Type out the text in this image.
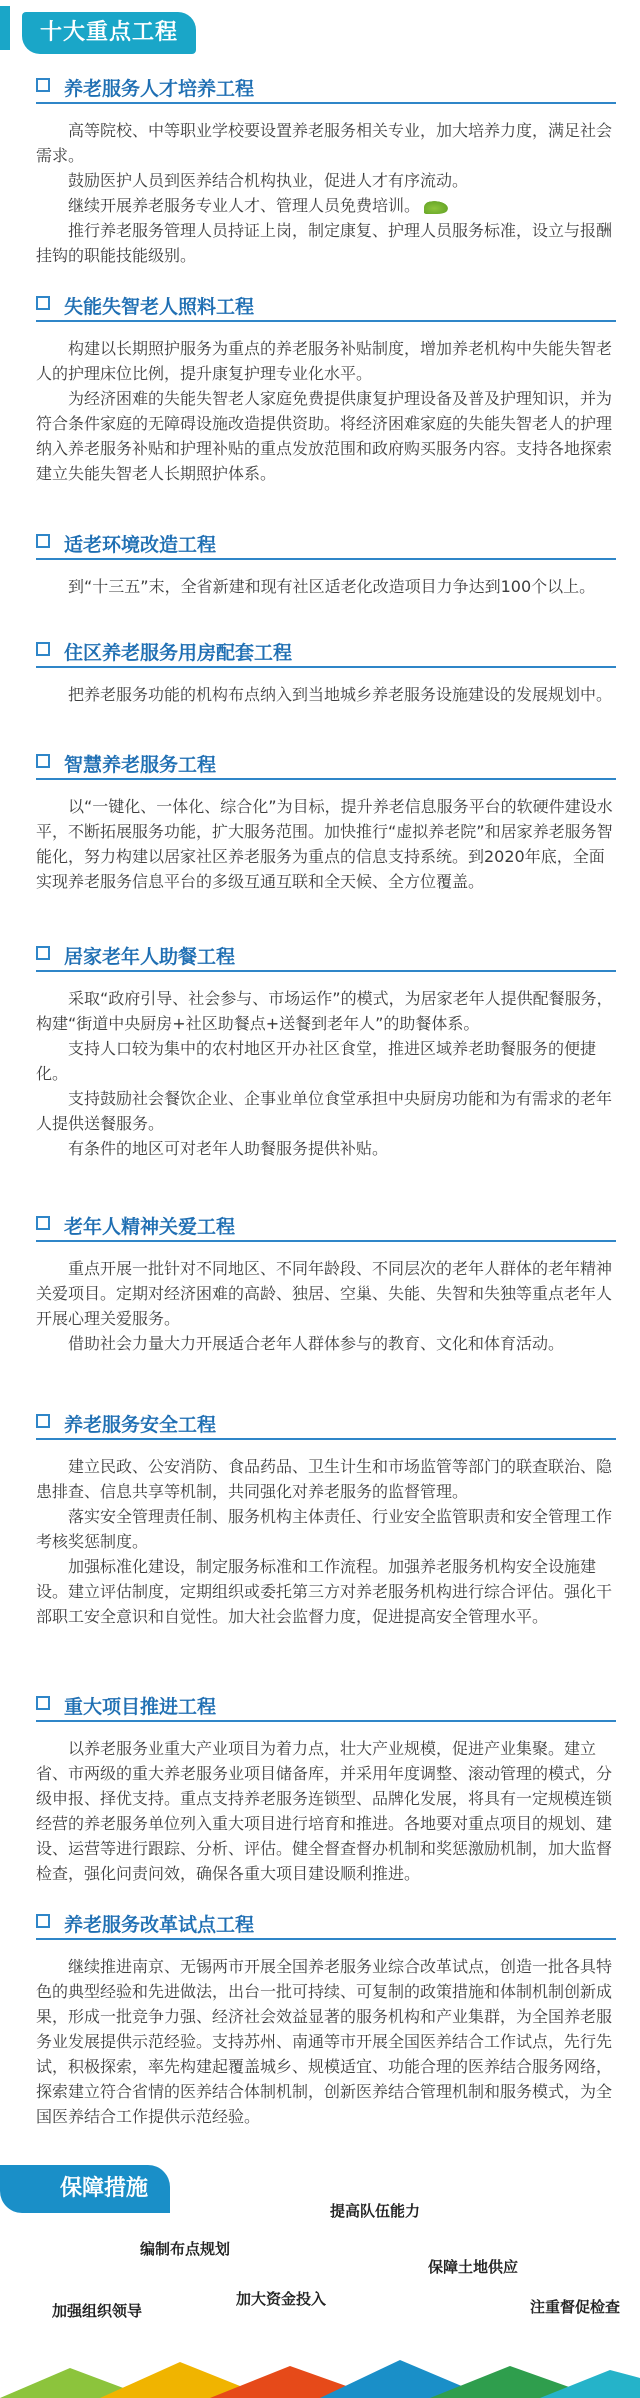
十大重点工程
养老服务人才培养工程

高等院校、中等职业学校要设置养老服务相关专业，加大培养力度，满足社会需求。

鼓励医护人员到医养结合机构执业，促进人才有序流动。

继续开展养老服务专业人才、管理人员免费培训。

推行养老服务管理人员持证上岗，制定康复、护理人员服务标准，设立与报酬挂钩的职能技能级别。

失能失智老人照料工程

构建以长期照护服务为重点的养老服务补贴制度，增加养老机构中失能失智老人的护理床位比例，提升康复护理专业化水平。

为经济困难的失能失智老人家庭免费提供康复护理设备及普及护理知识，并为符合条件家庭的无障碍设施改造提供资助。将经济困难家庭的失能失智老人的护理纳入养老服务补贴和护理补贴的重点发放范围和政府购买服务内容。支持各地探索建立失能失智老人长期照护体系。

适老环境改造工程

到“十三五”末，全省新建和现有社区适老化改造项目力争达到100个以上。

住区养老服务用房配套工程

把养老服务功能的机构布点纳入到当地城乡养老服务设施建设的发展规划中。

智慧养老服务工程

以“一键化、一体化、综合化”为目标，提升养老信息服务平台的软硬件建设水平，不断拓展服务功能，扩大服务范围。加快推行“虚拟养老院”和居家养老服务智能化，努力构建以居家社区养老服务为重点的信息支持系统。到2020年底，全面实现养老服务信息平台的多级互通互联和全天候、全方位覆盖。

居家老年人助餐工程

采取“政府引导、社会参与、市场运作”的模式，为居家老年人提供配餐服务，构建“街道中央厨房+社区助餐点+送餐到老年人”的助餐体系。

支持人口较为集中的农村地区开办社区食堂，推进区域养老助餐服务的便捷化。

支持鼓励社会餐饮企业、企事业单位食堂承担中央厨房功能和为有需求的老年人提供送餐服务。

有条件的地区可对老年人助餐服务提供补贴。

老年人精神关爱工程

重点开展一批针对不同地区、不同年龄段、不同层次的老年人群体的老年精神关爱项目。定期对经济困难的高龄、独居、空巢、失能、失智和失独等重点老年人开展心理关爱服务。

借助社会力量大力开展适合老年人群体参与的教育、文化和体育活动。

养老服务安全工程

建立民政、公安消防、食品药品、卫生计生和市场监管等部门的联查联治、隐患排查、信息共享等机制，共同强化对养老服务的监督管理。

落实安全管理责任制、服务机构主体责任、行业安全监管职责和安全管理工作考核奖惩制度。

加强标准化建设，制定服务标准和工作流程。加强养老服务机构安全设施建设。建立评估制度，定期组织或委托第三方对养老服务机构进行综合评估。强化干部职工安全意识和自觉性。加大社会监督力度，促进提高安全管理水平。

重大项目推进工程

以养老服务业重大产业项目为着力点，壮大产业规模，促进产业集聚。建立省、市两级的重大养老服务业项目储备库，并采用年度调整、滚动管理的模式，分级申报、择优支持。重点支持养老服务连锁型、品牌化发展，将具有一定规模连锁经营的养老服务单位列入重大项目进行培育和推进。各地要对重点项目的规划、建设、运营等进行跟踪、分析、评估。健全督查督办机制和奖惩激励机制，加大监督检查，强化问责问效，确保各重大项目建设顺利推进。

养老服务改革试点工程

继续推进南京、无锡两市开展全国养老服务业综合改革试点，创造一批各具特色的典型经验和先进做法，出台一批可持续、可复制的政策措施和体制机制创新成果，形成一批竞争力强、经济社会效益显著的服务机构和产业集群，为全国养老服务业发展提供示范经验。支持苏州、南通等市开展全国医养结合工作试点，先行先试，积极探索，率先构建起覆盖城乡、规模适宜、功能合理的医养结合服务网络，探索建立符合省情的医养结合体制机制，创新医养结合管理机制和服务模式，为全国医养结合工作提供示范经验。

保障措施
加强组织领导
编制布点规划
加大资金投入
提高队伍能力
保障土地供应
注重督促检查
